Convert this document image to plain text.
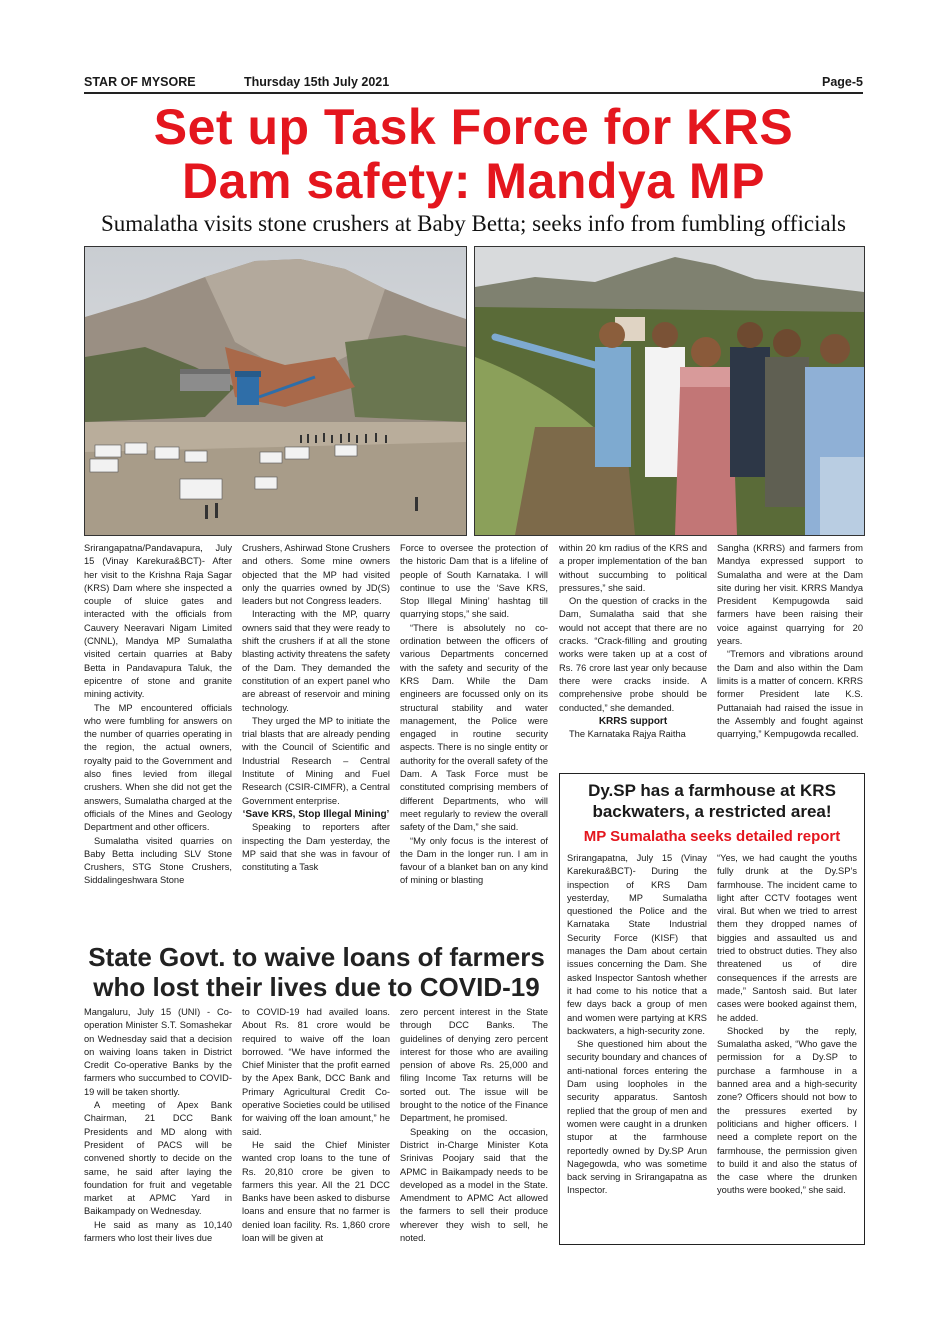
STAR OF MYSORE	Thursday 15th July 2021	Page-5
Set up Task Force for KRS
Dam safety: Mandya MP
Sumalatha visits stone crushers at Baby Betta; seeks info from fumbling officials

Srirangapatna/Pandavapura, July 15 (Vinay Karekura&BCT)- After her visit to the Krishna Raja Sagar (KRS) Dam where she inspected a couple of sluice gates and interacted with the officials from Cauvery Neeravari Nigam Limited (CNNL), Mandya MP Sumalatha visited certain quarries at Baby Betta in Pandavapura Taluk, the epicentre of stone and granite mining activity.

The MP encountered officials who were fumbling for answers on the number of quarries operating in the region, the actual owners, royalty paid to the Government and also fines levied from illegal crushers. When she did not get the answers, Sumalatha charged at the officials of the Mines and Geology Department and other officers.

Sumalatha visited quarries on Baby Betta including SLV Stone Crushers, STG Stone Crushers, Siddalingeshwara Stone

Crushers, Ashirwad Stone Crushers and others. Some mine owners objected that the MP had visited only the quarries owned by JD(S) leaders but not Congress leaders.

Interacting with the MP, quarry owners said that they were ready to shift the crushers if at all the stone blasting activity threatens the safety of the Dam. They demanded the constitution of an expert panel who are abreast of reservoir and mining technology.

They urged the MP to initiate the trial blasts that are already pending with the Council of Scientific and Industrial Research – Central Institute of Mining and Fuel Research (CSIR-CIMFR), a Central Government enterprise.

‘Save KRS, Stop Illegal Mining’

Speaking to reporters after inspecting the Dam yesterday, the MP said that she was in favour of constituting a Task

Force to oversee the protection of the historic Dam that is a lifeline of people of South Karnataka. I will continue to use the ‘Save KRS, Stop Illegal Mining’ hashtag till quarrying stops,” she said.

“There is absolutely no co-ordination between the officers of various Departments concerned with the safety and security of the KRS Dam. While the Dam engineers are focussed only on its structural stability and water management, the Police were engaged in routine security aspects. There is no single entity or authority for the overall safety of the Dam. A Task Force must be constituted comprising members of different Departments, who will meet regularly to review the overall safety of the Dam,” she said.

“My only focus is the interest of the Dam in the longer run. I am in favour of a blanket ban on any kind of mining or blasting

within 20 km radius of the KRS and a proper implementation of the ban without succumbing to political pressures,” she said.

On the question of cracks in the Dam, Sumalatha said that she would not accept that there are no cracks. “Crack-filling and grouting works were taken up at a cost of Rs. 76 crore last year only because there were cracks inside. A comprehensive probe should be conducted,” she demanded.

KRRS support

The Karnataka Rajya Raitha

Sangha (KRRS) and farmers from Mandya expressed support to Sumalatha and were at the Dam site during her visit. KRRS Mandya President Kempugowda said farmers have been raising their voice against quarrying for 20 years.

“Tremors and vibrations around the Dam and also within the Dam limits is a matter of concern. KRRS former President late K.S. Puttanaiah had raised the issue in the Assembly and fought against quarrying,” Kempugowda recalled.

State Govt. to waive loans of farmers
who lost their lives due to COVID-19

Mangaluru, July 15 (UNI) - Co-operation Minister S.T. Somashekar on Wednesday said that a decision on waiving loans taken in District Credit Co-operative Banks by the farmers who succumbed to COVID-19 will be taken shortly.

A meeting of Apex Bank Chairman, 21 DCC Bank Presidents and MD along with President of PACS will be convened shortly to decide on the same, he said after laying the foundation for fruit and vegetable market at APMC Yard in Baikampady on Wednesday.

He said as many as 10,140 farmers who lost their lives due

to COVID-19 had availed loans. About Rs. 81 crore would be required to waive off the loan borrowed. “We have informed the Chief Minister that the profit earned by the Apex Bank, DCC Bank and Primary Agricultural Credit Co-operative Societies could be utilised for waiving off the loan amount,” he said.

He said the Chief Minister wanted crop loans to the tune of Rs. 20,810 crore be given to farmers this year. All the 21 DCC Banks have been asked to disburse loans and ensure that no farmer is denied loan facility. Rs. 1,860 crore loan will be given at

zero percent interest in the State through DCC Banks. The guidelines of denying zero percent interest for those who are availing pension of above Rs. 25,000 and filing Income Tax returns will be sorted out. The issue will be brought to the notice of the Finance Department, he promised.

Speaking on the occasion, District in-Charge Minister Kota Srinivas Poojary said that the APMC in Baikampady needs to be developed as a model in the State. Amendment to APMC Act allowed the farmers to sell their produce wherever they wish to sell, he noted.

Dy.SP has a farmhouse at KRS
backwaters, a restricted area!
MP Sumalatha seeks detailed report

Srirangapatna, July 15 (Vinay Karekura&BCT)- During the inspection of KRS Dam yesterday, MP Sumalatha questioned the Police and the Karnataka State Industrial Security Force (KISF) that manages the Dam about certain issues concerning the Dam. She asked Inspector Santosh whether it had come to his notice that a few days back a group of men and women were partying at KRS backwaters, a high-security zone.

She questioned him about the security boundary and chances of anti-national forces entering the Dam using loopholes in the security apparatus. Santosh replied that the group of men and women were caught in a drunken stupor at the farmhouse reportedly owned by Dy.SP Arun Nagegowda, who was sometime back serving in Srirangapatna as Inspector.

“Yes, we had caught the youths fully drunk at the Dy.SP’s farmhouse. The incident came to light after CCTV footages went viral. But when we tried to arrest them they dropped names of biggies and assaulted us and tried to obstruct duties. They also threatened us of dire consequences if the arrests are made,” Santosh said. But later cases were booked against them, he added.

Shocked by the reply, Sumalatha asked, “Who gave the permission for a Dy.SP to purchase a farmhouse in a banned area and a high-security zone? Officers should not bow to the pressures exerted by politicians and higher officers. I need a complete report on the farmhouse, the permission given to build it and also the status of the case where the drunken youths were booked,” she said.
